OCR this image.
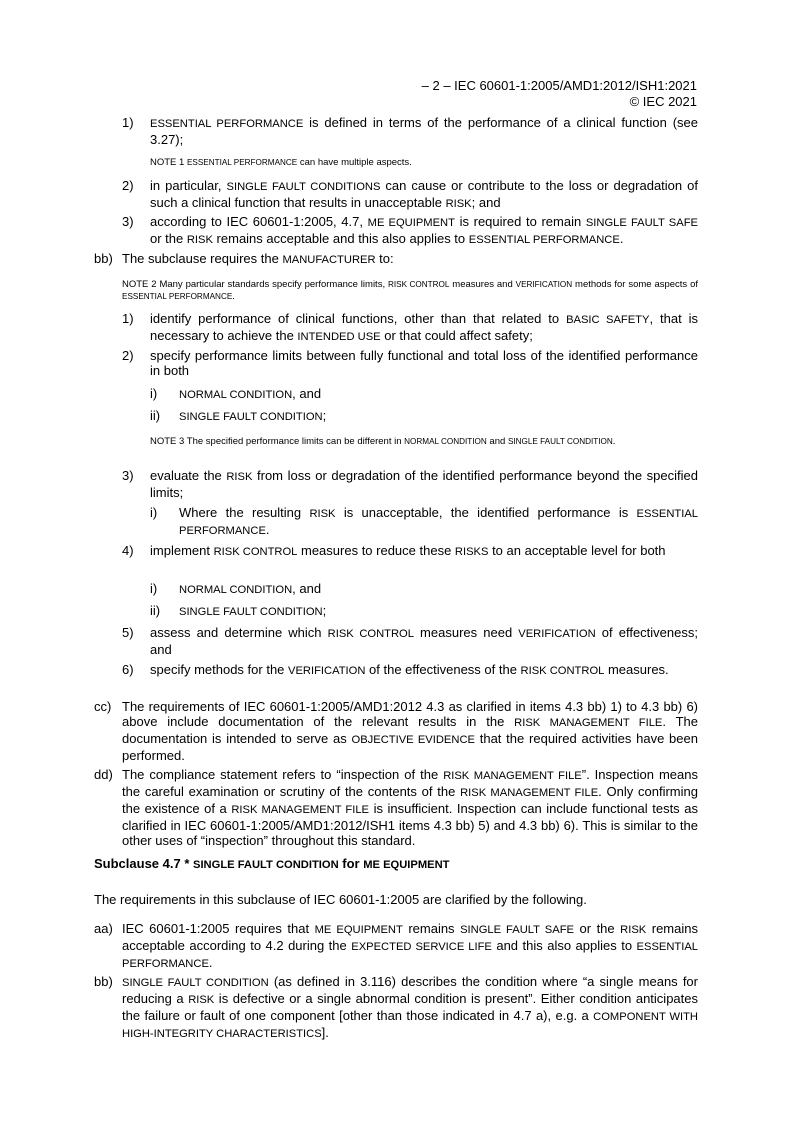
– 2 – IEC 60601-1:2005/AMD1:2012/ISH1:2021
© IEC 2021
1) ESSENTIAL PERFORMANCE is defined in terms of the performance of a clinical function (see 3.27);

NOTE 1 ESSENTIAL PERFORMANCE can have multiple aspects.

2) in particular, SINGLE FAULT CONDITIONS can cause or contribute to the loss or degradation of such a clinical function that results in unacceptable RISK; and

3) according to IEC 60601-1:2005, 4.7, ME EQUIPMENT is required to remain SINGLE FAULT SAFE or the RISK remains acceptable and this also applies to ESSENTIAL PERFORMANCE.

bb) The subclause requires the MANUFACTURER to:

NOTE 2 Many particular standards specify performance limits, RISK CONTROL measures and VERIFICATION methods for some aspects of ESSENTIAL PERFORMANCE.

1) identify performance of clinical functions, other than that related to BASIC SAFETY, that is necessary to achieve the INTENDED USE or that could affect safety;

2) specify performance limits between fully functional and total loss of the identified performance in both

i) NORMAL CONDITION, and

ii) SINGLE FAULT CONDITION;

NOTE 3 The specified performance limits can be different in NORMAL CONDITION and SINGLE FAULT CONDITION.

3) evaluate the RISK from loss or degradation of the identified performance beyond the specified limits;

i) Where the resulting RISK is unacceptable, the identified performance is ESSENTIAL PERFORMANCE.

4) implement RISK CONTROL measures to reduce these RISKS to an acceptable level for both

i) NORMAL CONDITION, and

ii) SINGLE FAULT CONDITION;

5) assess and determine which RISK CONTROL measures need VERIFICATION of effectiveness; and

6) specify methods for the VERIFICATION of the effectiveness of the RISK CONTROL measures.

cc) The requirements of IEC 60601-1:2005/AMD1:2012 4.3 as clarified in items 4.3 bb) 1) to 4.3 bb) 6) above include documentation of the relevant results in the RISK MANAGEMENT FILE. The documentation is intended to serve as OBJECTIVE EVIDENCE that the required activities have been performed.

dd) The compliance statement refers to “inspection of the RISK MANAGEMENT FILE”. Inspection means the careful examination or scrutiny of the contents of the RISK MANAGEMENT FILE. Only confirming the existence of a RISK MANAGEMENT FILE is insufficient. Inspection can include functional tests as clarified in IEC 60601-1:2005/AMD1:2012/ISH1 items 4.3 bb) 5) and 4.3 bb) 6). This is similar to the other uses of “inspection” throughout this standard.

Subclause 4.7 * SINGLE FAULT CONDITION for ME EQUIPMENT

The requirements in this subclause of IEC 60601-1:2005 are clarified by the following.

aa) IEC 60601-1:2005 requires that ME EQUIPMENT remains SINGLE FAULT SAFE or the RISK remains acceptable according to 4.2 during the EXPECTED SERVICE LIFE and this also applies to ESSENTIAL PERFORMANCE.

bb) SINGLE FAULT CONDITION (as defined in 3.116) describes the condition where “a single means for reducing a RISK is defective or a single abnormal condition is present”. Either condition anticipates the failure or fault of one component [other than those indicated in 4.7 a), e.g. a COMPONENT WITH HIGH-INTEGRITY CHARACTERISTICS].
